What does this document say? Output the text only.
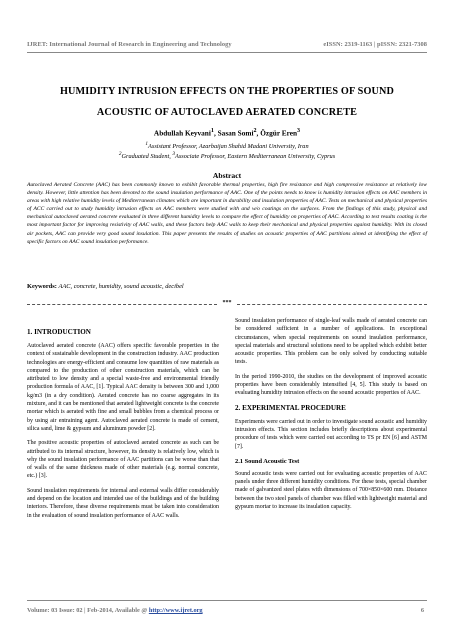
IJRET: International Journal of Research in Engineering and Technology	eISSN: 2319-1163 | pISSN: 2321-7308
HUMIDITY INTRUSION EFFECTS ON THE PROPERTIES OF SOUND
ACOUSTIC OF AUTOCLAVED AERATED CONCRETE
Abdullah Keyvani$^1$, Sasan Somi$^2$, Özgür Eren$^3$
$^1$Assistant Professor, Azarbaijan Shahid Madani University, Iran
$^2$Graduated Student, $^3$Associate Professor, Eastern Mediterranean University, Cyprus
Abstract
Autoclaved Aerated Concrete (AAC) has been commonly known to exhibit favorable thermal properties, high fire resistance and high compressive resistance at relatively low density. However, little attention has been devoted to the sound insulation performance of AAC. One of the points needs to know is humidity intrusion effects on AAC members in areas with high relative humidity levels of Mediterranean climates which are important in durability and insulation properties of AAC. Tests on mechanical and physical properties of ACC carried out to study humidity intrusion effects on AAC members were studied with and w/o coatings on the surfaces. From the findings of this study, physical and mechanical autoclaved aerated concrete evaluated in three different humidity levels to compare the effect of humidity on properties of AAC. According to test results coating is the most important factor for improving resistivity of AAC walls, and these factors help AAC walls to keep their mechanical and physical properties against humidity. With its closed air pockets, AAC can provide very good sound insulation. This paper presents the results of studies on acoustic properties of AAC partitions aimed at identifying the effect of specific factors on AAC sound insulation performance.
Keywords: AAC, concrete, humidity, sound acoustic, decibel
***
1. INTRODUCTION

Autoclaved aerated concrete (AAC) offers specific favorable properties in the context of sustainable development in the construction industry. AAC production technologies are energy-efficient and consume low quantities of raw materials as compared to the production of other construction materials, which can be attributed to low density and a special waste-free and environmental friendly production formula of AAC, [1]. Typical AAC density is between 300 and 1,000 kg/m3 (in a dry condition). Aerated concrete has no coarse aggregates in its mixture, and it can be mentioned that aerated lightweight concrete is the concrete mortar which is aerated with fine and small bubbles from a chemical process or by using air entraining agent. Autoclaved aerated concrete is made of cement, silica sand, lime & gypsum and aluminum powder [2].

The positive acoustic properties of autoclaved aerated concrete as such can be attributed to its internal structure, however, its density is relatively low, which is why the sound insulation performance of AAC partitions can be worse than that of walls of the same thickness made of other materials (e.g. normal concrete, etc.) [3].

Sound insulation requirements for internal and external walls differ considerably and depend on the location and intended use of the buildings and of the building interiors. Therefore, these diverse requirements must be taken into consideration in the evaluation of sound insulation performance of AAC walls.

Sound insulation performance of single-leaf walls made of aerated concrete can be considered sufficient in a number of applications. In exceptional circumstances, when special requirements on sound insulation performance, special materials and structural solutions need to be applied which exhibit better acoustic properties. This problem can be only solved by conducting suitable tests.

In the period 1990-2010, the studies on the development of improved acoustic properties have been considerably intensified [4, 5]. This study is based on evaluating humidity intrusion effects on the sound acoustic properties of AAC.

2. EXPERIMENTAL PROCEDURE

Experiments were carried out in order to investigate sound acoustic and humidity intrusion effects. This section includes briefly descriptions about experimental procedure of tests which were carried out according to TS pr EN [6] and ASTM [7].

2.1 Sound Acoustic Test

Sound acoustic tests were carried out for evaluating acoustic properties of AAC panels under three different humidity conditions. For these tests, special chamber made of galvanized steel plates with dimensions of 700×850×600 mm. Distance between the two steel panels of chamber was filled with lightweight material and gypsum mortar to increase its insulation capacity.

Volume: 03 Issue: 02 | Feb-2014, Available @ http://www.ijret.org	6
